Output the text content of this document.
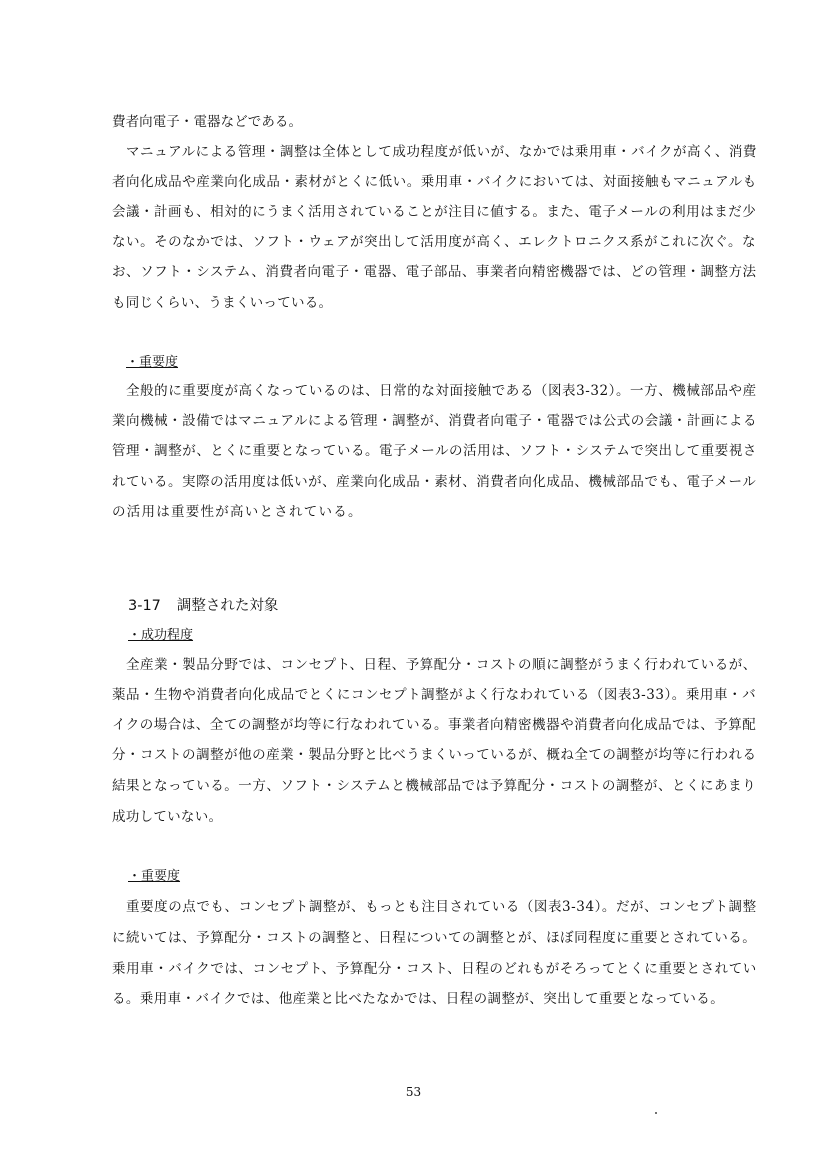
費者向電子・電器などである。
マニュアルによる管理・調整は全体として成功程度が低いが、なかでは乗用車・バイクが高く、消費
者向化成品や産業向化成品・素材がとくに低い。乗用車・バイクにおいては、対面接触もマニュアルも
会議・計画も、相対的にうまく活用されていることが注目に値する。また、電子メールの利用はまだ少
ない。そのなかでは、ソフト・ウェアが突出して活用度が高く、エレクトロニクス系がこれに次ぐ。な
お、ソフト・システム、消費者向電子・電器、電子部品、事業者向精密機器では、どの管理・調整方法
も同じくらい、うまくいっている。
・重要度
全般的に重要度が高くなっているのは、日常的な対面接触である（図表3-32）。一方、機械部品や産
業向機械・設備ではマニュアルによる管理・調整が、消費者向電子・電器では公式の会議・計画による
管理・調整が、とくに重要となっている。電子メールの活用は、ソフト・システムで突出して重要視さ
れている。実際の活用度は低いが、産業向化成品・素材、消費者向化成品、機械部品でも、電子メール
の活用は重要性が高いとされている。
3-17 調整された対象
・成功程度
全産業・製品分野では、コンセプト、日程、予算配分・コストの順に調整がうまく行われているが、
薬品・生物や消費者向化成品でとくにコンセプト調整がよく行なわれている（図表3-33）。乗用車・バ
イクの場合は、全ての調整が均等に行なわれている。事業者向精密機器や消費者向化成品では、予算配
分・コストの調整が他の産業・製品分野と比べうまくいっているが、概ね全ての調整が均等に行われる
結果となっている。一方、ソフト・システムと機械部品では予算配分・コストの調整が、とくにあまり
成功していない。
・重要度
重要度の点でも、コンセプト調整が、もっとも注目されている（図表3-34）。だが、コンセプト調整
に続いては、予算配分・コストの調整と、日程についての調整とが、ほぼ同程度に重要とされている。
乗用車・バイクでは、コンセプト、予算配分・コスト、日程のどれもがそろってとくに重要とされてい
る。乗用車・バイクでは、他産業と比べたなかでは、日程の調整が、突出して重要となっている。
53
